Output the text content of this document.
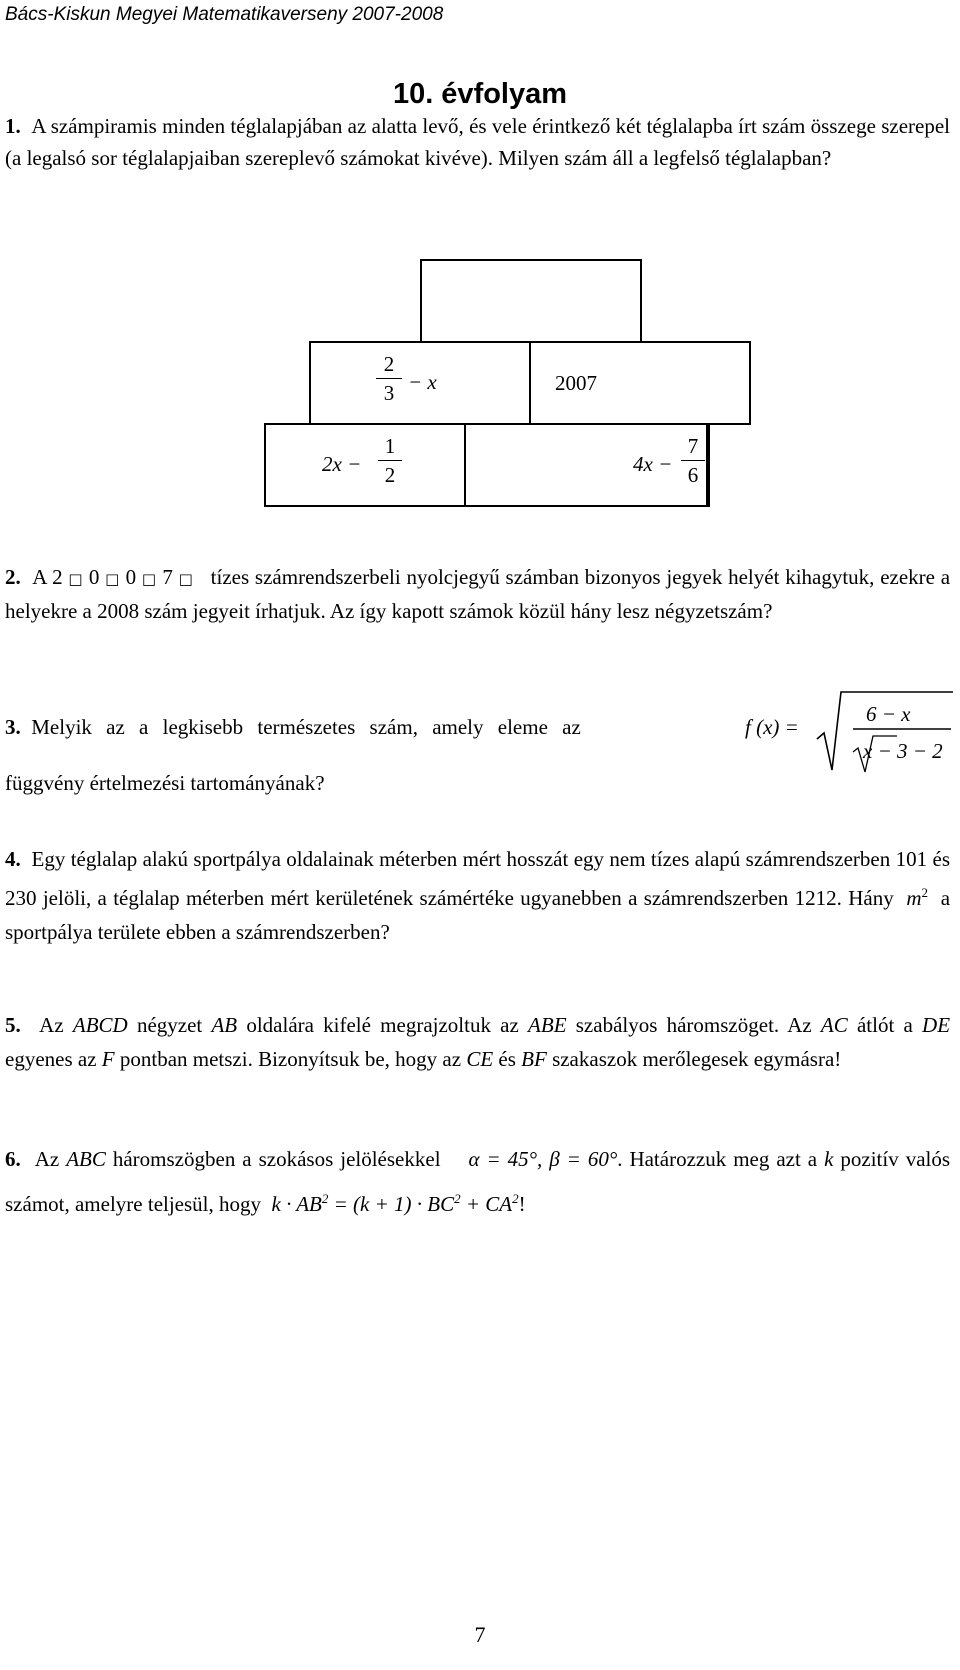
Bács-Kiskun Megyei Matematikaverseny 2007-2008
10. évfolyam
1. A számpiramis minden téglalapjában az alatta levő, és vele érintkező két téglalapba írt szám összege szerepel (a legalsó sor téglalapjaiban szereplevő számokat kivéve). Milyen szám áll a legfelső téglalapban?
2
3 − x	2007
2x −
1
2	4x −
7
6
2. A 2 □ 0 □ 0 □ 7 □ tízes számrendszerbeli nyolcjegyű számban bizonyos jegyek helyét kihagytuk, ezekre a helyekre a 2008 szám jegyeit írhatjuk. Az így kapott számok közül hány lesz négyzetszám?
3. Melyik az a legkisebb természetes szám, amely eleme az	f (x) =
6 − x
x − 3 − 2
függvény értelmezési tartományának?
4. Egy téglalap alakú sportpálya oldalainak méterben mért hosszát egy nem tízes alapú számrendszerben 101 és 230 jelöli, a téglalap méterben mért kerületének számértéke ugyanebben a számrendszerben 1212. Hány $m^2$ a sportpálya területe ebben a számrendszerben?
5. Az ABCD négyzet AB oldalára kifelé megrajzoltuk az ABE szabályos háromszöget. Az AC átlót a DE egyenes az F pontban metszi. Bizonyítsuk be, hogy az CE és BF szakaszok merőlegesek egymásra!
6. Az ABC háromszögben a szokásos jelölésekkel α = 45°, β = 60°. Határozzuk meg azt a k pozitív valós számot, amelyre teljesül, hogy $k \cdot AB^2 = (k + 1) \cdot BC^2 + CA^2$!
7
